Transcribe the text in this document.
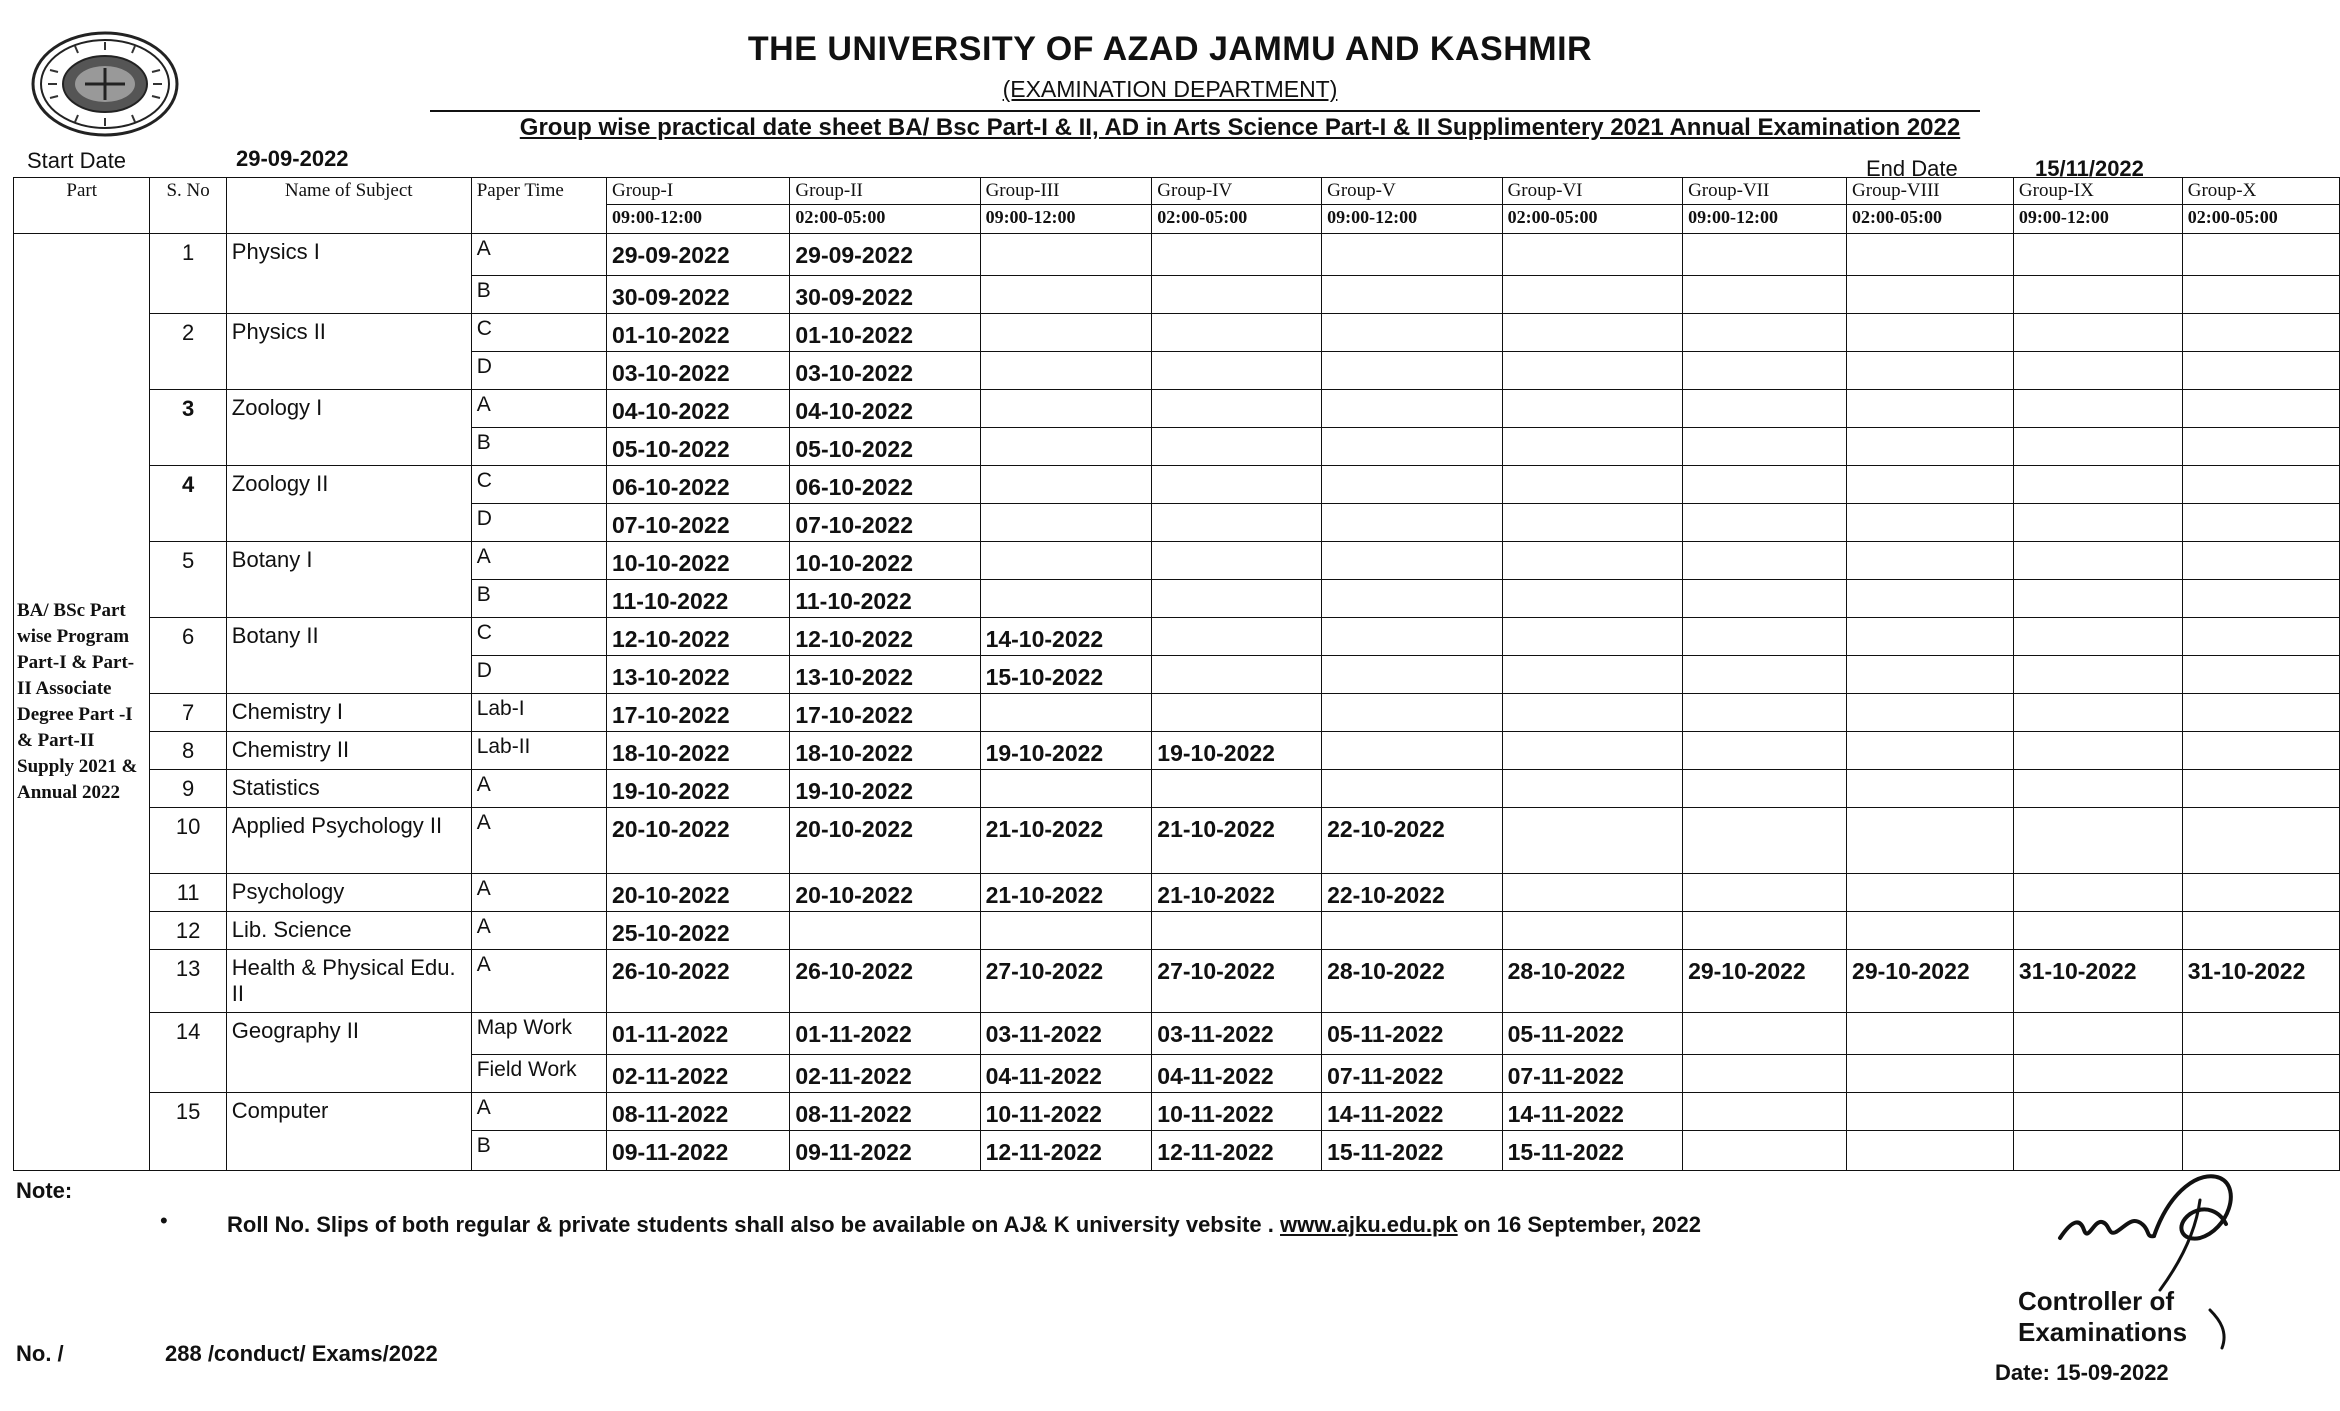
THE UNIVERSITY OF AZAD JAMMU AND KASHMIR
(EXAMINATION DEPARTMENT)
Group wise practical date sheet BA/ Bsc Part-I & II, AD in Arts Science Part-I & II Supplimentery 2021 Annual Examination 2022
Start Date	29-09-2022	End Date	15/11/2022
Part	S. No	Name of Subject	Paper Time	Group-I	Group-II	Group-III	Group-IV	Group-V	Group-VI	Group-VII	Group-VIII	Group-IX	Group-X
				09:00-12:00	02:00-05:00	09:00-12:00	02:00-05:00	09:00-12:00	02:00-05:00	09:00-12:00	02:00-05:00	09:00-12:00	02:00-05:00
BA/ BSc Part wise Program Part-I & Part-II Associate Degree Part -I & Part-II Supply 2021 & Annual 2022	1	Physics I	A	29-09-2022	29-09-2022								
			B	30-09-2022	30-09-2022								
	2	Physics II	C	01-10-2022	01-10-2022								
			D	03-10-2022	03-10-2022								
	3	Zoology I	A	04-10-2022	04-10-2022								
			B	05-10-2022	05-10-2022								
	4	Zoology II	C	06-10-2022	06-10-2022								
			D	07-10-2022	07-10-2022								
	5	Botany I	A	10-10-2022	10-10-2022								
			B	11-10-2022	11-10-2022								
	6	Botany II	C	12-10-2022	12-10-2022	14-10-2022							
			D	13-10-2022	13-10-2022	15-10-2022							
	7	Chemistry I	Lab-I	17-10-2022	17-10-2022								
	8	Chemistry II	Lab-II	18-10-2022	18-10-2022	19-10-2022	19-10-2022						
	9	Statistics	A	19-10-2022	19-10-2022								
	10	Applied Psychology II	A	20-10-2022	20-10-2022	21-10-2022	21-10-2022	22-10-2022					
	11	Psychology	A	20-10-2022	20-10-2022	21-10-2022	21-10-2022	22-10-2022					
	12	Lib. Science	A	25-10-2022									
	13	Health & Physical Edu. II	A	26-10-2022	26-10-2022	27-10-2022	27-10-2022	28-10-2022	28-10-2022	29-10-2022	29-10-2022	31-10-2022	31-10-2022
	14	Geography II	Map Work	01-11-2022	01-11-2022	03-11-2022	03-11-2022	05-11-2022	05-11-2022				
			Field Work	02-11-2022	02-11-2022	04-11-2022	04-11-2022	07-11-2022	07-11-2022				
	15	Computer	A	08-11-2022	08-11-2022	10-11-2022	10-11-2022	14-11-2022	14-11-2022				
			B	09-11-2022	09-11-2022	12-11-2022	12-11-2022	15-11-2022	15-11-2022				
Note:
•	Roll No. Slips of both regular & private students shall also be available on AJ& K university vebsite . www.ajku.edu.pk on 16 September, 2022
No. /	288 /conduct/ Exams/2022
Controller of Examinations
Date: 15-09-2022
